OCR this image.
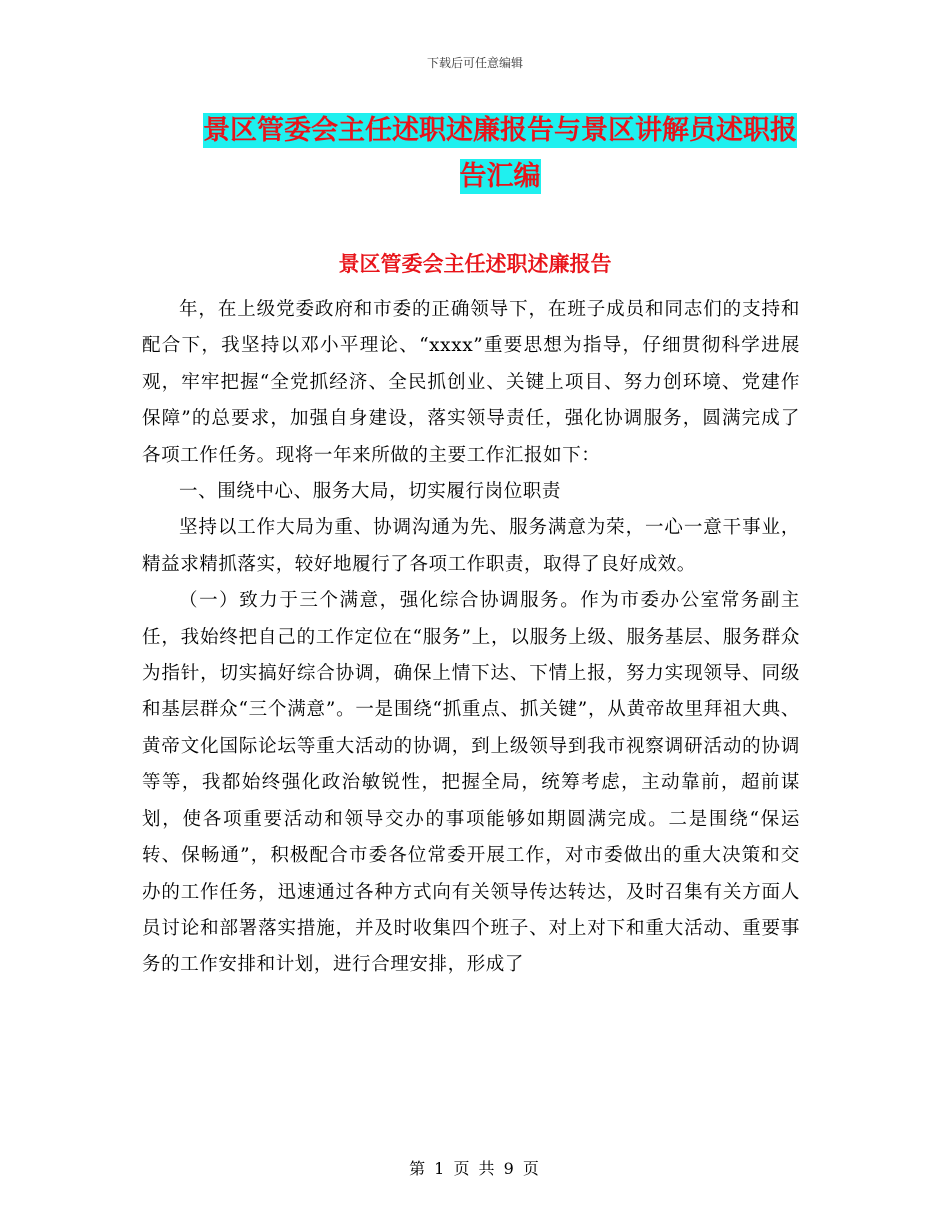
下载后可任意编辑
景区管委会主任述职述廉报告与景区讲解员述职报告汇编
景区管委会主任述职述廉报告

年，在上级党委政府和市委的正确领导下，在班子成员和同志们的支持和配合下，我坚持以邓小平理论、“xxxx”重要思想为指导，仔细贯彻科学进展观，牢牢把握“全党抓经济、全民抓创业、关键上项目、努力创环境、党建作保障”的总要求，加强自身建设，落实领导责任，强化协调服务，圆满完成了各项工作任务。现将一年来所做的主要工作汇报如下：

一、围绕中心、服务大局，切实履行岗位职责

坚持以工作大局为重、协调沟通为先、服务满意为荣，一心一意干事业，精益求精抓落实，较好地履行了各项工作职责，取得了良好成效。

（一）致力于三个满意，强化综合协调服务。作为市委办公室常务副主任，我始终把自己的工作定位在“服务”上，以服务上级、服务基层、服务群众为指针，切实搞好综合协调，确保上情下达、下情上报，努力实现领导、同级和基层群众“三个满意”。一是围绕“抓重点、抓关键”，从黄帝故里拜祖大典、黄帝文化国际论坛等重大活动的协调，到上级领导到我市视察调研活动的协调等等，我都始终强化政治敏锐性，把握全局，统筹考虑，主动靠前，超前谋划，使各项重要活动和领导交办的事项能够如期圆满完成。二是围绕“保运转、保畅通”，积极配合市委各位常委开展工作，对市委做出的重大决策和交办的工作任务，迅速通过各种方式向有关领导传达转达，及时召集有关方面人员讨论和部署落实措施，并及时收集四个班子、对上对下和重大活动、重要事务的工作安排和计划，进行合理安排，形成了

第 1 页 共 9 页
